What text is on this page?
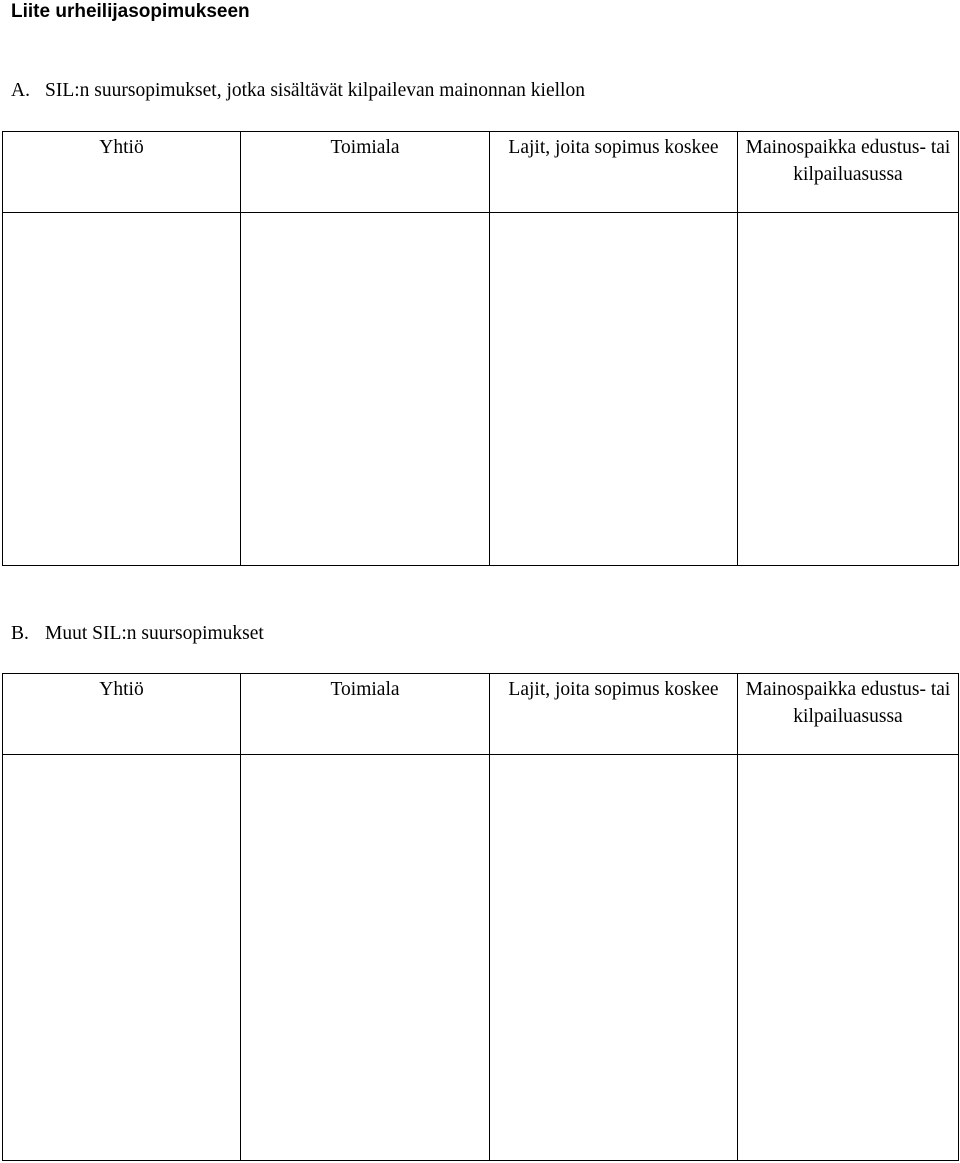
Liite urheilijasopimukseen

A. SIL:n suursopimukset, jotka sisältävät kilpailevan mainonnan kiellon

Yhtiö	Toimiala	Lajit, joita sopimus koskee	Mainospaikka edustus- tai kilpailuasussa

B. Muut SIL:n suursopimukset

Yhtiö	Toimiala	Lajit, joita sopimus koskee	Mainospaikka edustus- tai kilpailuasussa
